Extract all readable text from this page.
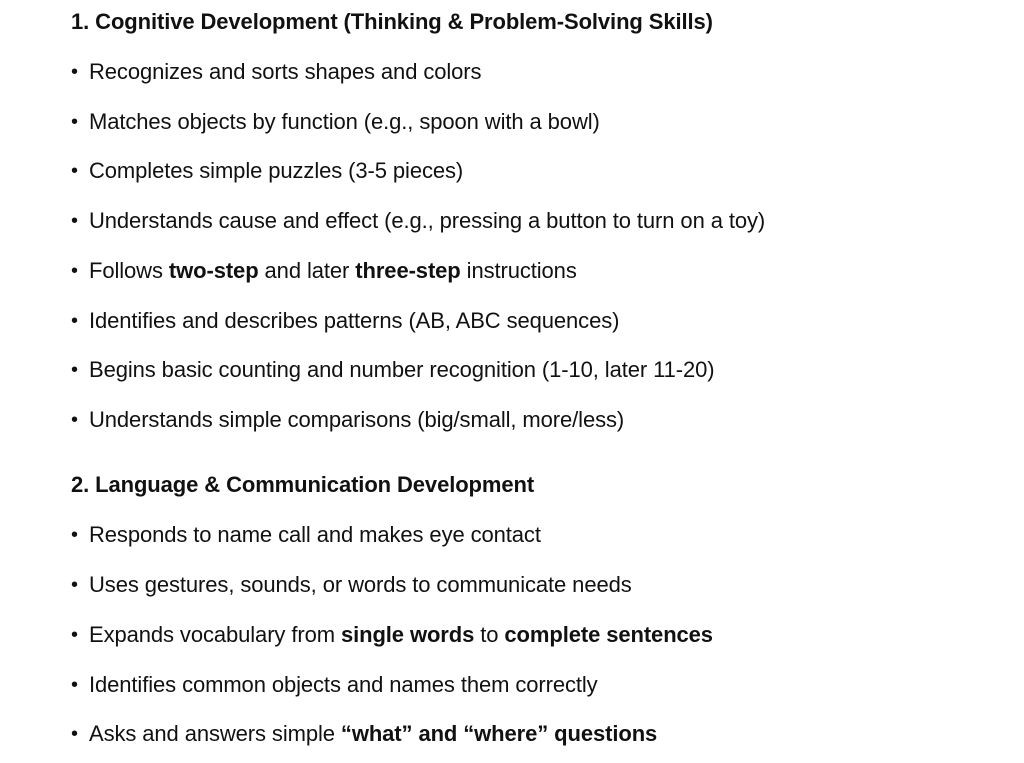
1. Cognitive Development (Thinking & Problem-Solving Skills)
• Recognizes and sorts shapes and colors
• Matches objects by function (e.g., spoon with a bowl)
• Completes simple puzzles (3-5 pieces)
• Understands cause and effect (e.g., pressing a button to turn on a toy)
• Follows two-step and later three-step instructions
• Identifies and describes patterns (AB, ABC sequences)
• Begins basic counting and number recognition (1-10, later 11-20)
• Understands simple comparisons (big/small, more/less)
2. Language & Communication Development
• Responds to name call and makes eye contact
• Uses gestures, sounds, or words to communicate needs
• Expands vocabulary from single words to complete sentences
• Identifies common objects and names them correctly
• Asks and answers simple “what” and “where” questions
